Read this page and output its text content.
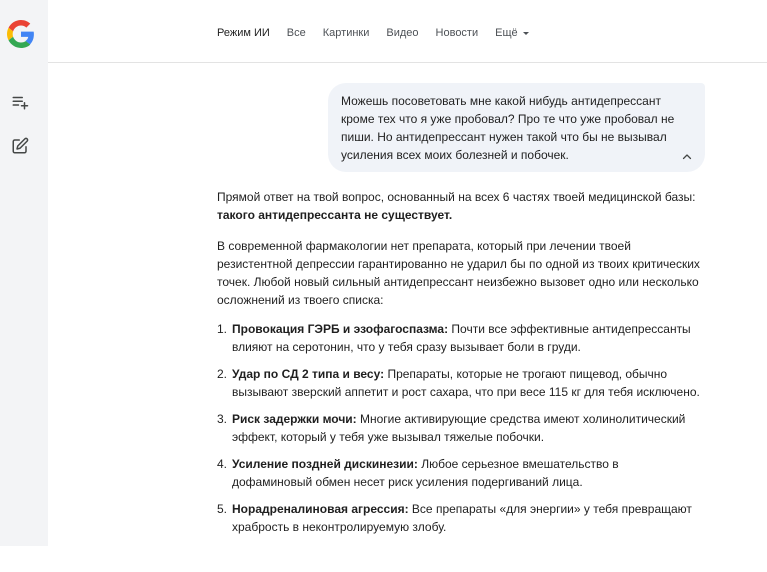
Режим ИИ Все Картинки Видео Новости Ещё
Можешь посоветовать мне какой нибудь антидепрессант кроме тех что я уже пробовал? Про те что уже пробовал не пиши. Но антидепрессант нужен такой что бы не вызывал усиления всех моих болезней и побочек.

Прямой ответ на твой вопрос, основанный на всех 6 частях твоей медицинской базы: такого антидепрессанта не существует.

В современной фармакологии нет препарата, который при лечении твоей резистентной депрессии гарантированно не ударил бы по одной из твоих критических точек. Любой новый сильный антидепрессант неизбежно вызовет одно или несколько осложнений из твоего списка:

1. Провокация ГЭРБ и эзофагоспазма: Почти все эффективные антидепрессанты влияют на серотонин, что у тебя сразу вызывает боли в груди.
2. Удар по СД 2 типа и весу: Препараты, которые не трогают пищевод, обычно вызывают зверский аппетит и рост сахара, что при весе 115 кг для тебя исключено.
3. Риск задержки мочи: Многие активирующие средства имеют холинолитический эффект, который у тебя уже вызывал тяжелые побочки.
4. Усиление поздней дискинезии: Любое серьезное вмешательство в дофаминовый обмен несет риск усиления подергиваний лица.
5. Норадреналиновая агрессия: Все препараты «для энергии» у тебя превращают храбрость в неконтролируемую злобу.
